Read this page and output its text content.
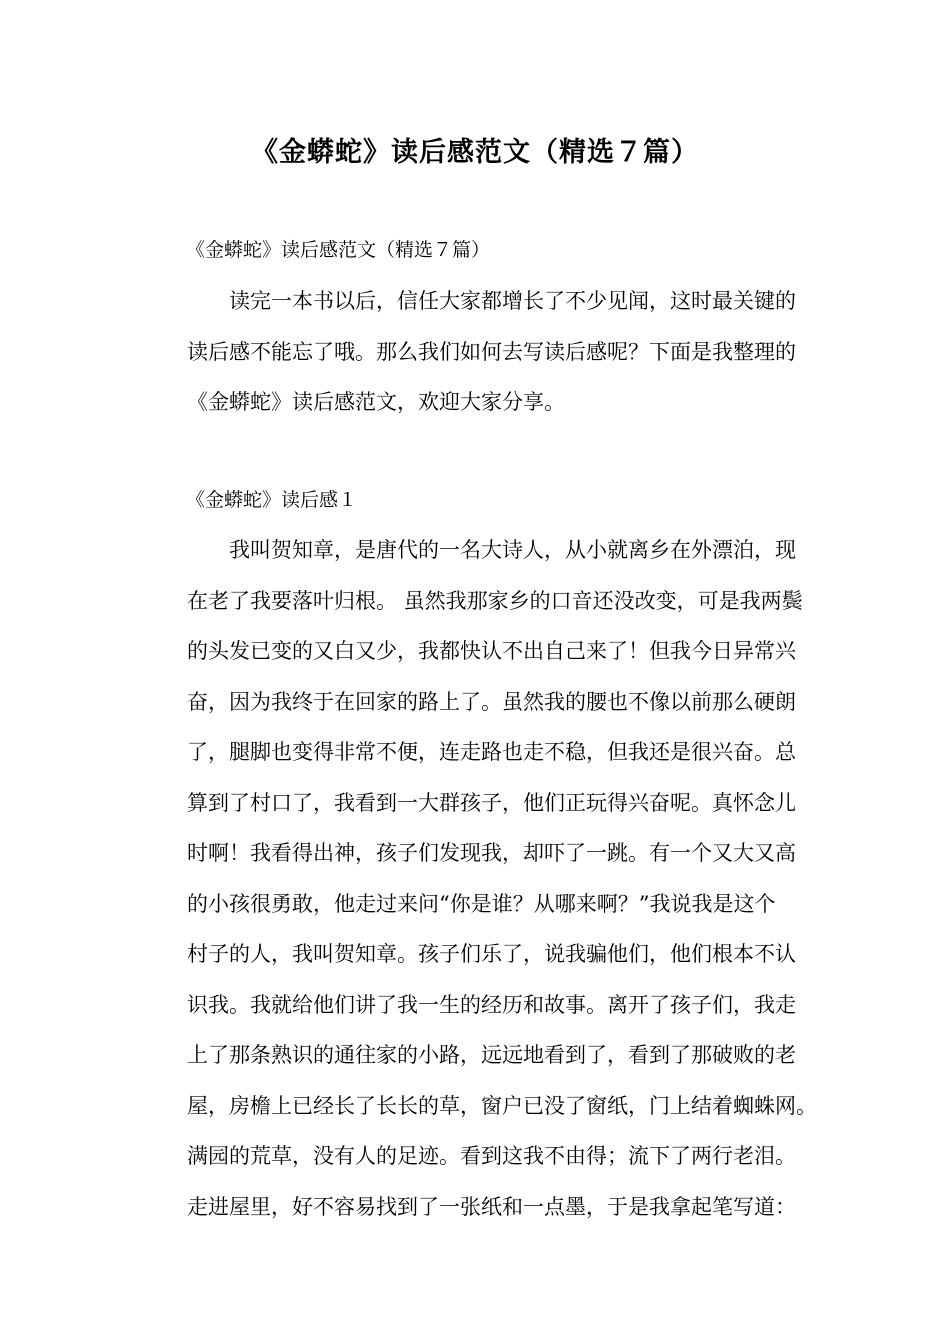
《金蟒蛇》读后感范文（精选７篇）
《金蟒蛇》读后感范文（精选７篇）
读完一本书以后，信任大家都增长了不少见闻，这时最关键的
读后感不能忘了哦。那么我们如何去写读后感呢？下面是我整理的
《金蟒蛇》读后感范文，欢迎大家分享。
《金蟒蛇》读后感１
我叫贺知章，是唐代的一名大诗人，从小就离乡在外漂泊，现
在老了我要落叶归根。 虽然我那家乡的口音还没改变，可是我两鬓
的头发已变的又白又少，我都快认不出自己来了！但我今日异常兴
奋，因为我终于在回家的路上了。虽然我的腰也不像以前那么硬朗
了，腿脚也变得非常不便，连走路也走不稳，但我还是很兴奋。总
算到了村口了，我看到一大群孩子，他们正玩得兴奋呢。真怀念儿
时啊！我看得出神，孩子们发现我，却吓了一跳。有一个又大又高
的小孩很勇敢，他走过来问“你是谁？从哪来啊？”我说我是这个
村子的人，我叫贺知章。孩子们乐了，说我骗他们，他们根本不认
识我。我就给他们讲了我一生的经历和故事。离开了孩子们，我走
上了那条熟识的通往家的小路，远远地看到了，看到了那破败的老
屋，房檐上已经长了长长的草，窗户已没了窗纸，门上结着蜘蛛网。
满园的荒草，没有人的足迹。看到这我不由得；流下了两行老泪。
走进屋里，好不容易找到了一张纸和一点墨，于是我拿起笔写道：
